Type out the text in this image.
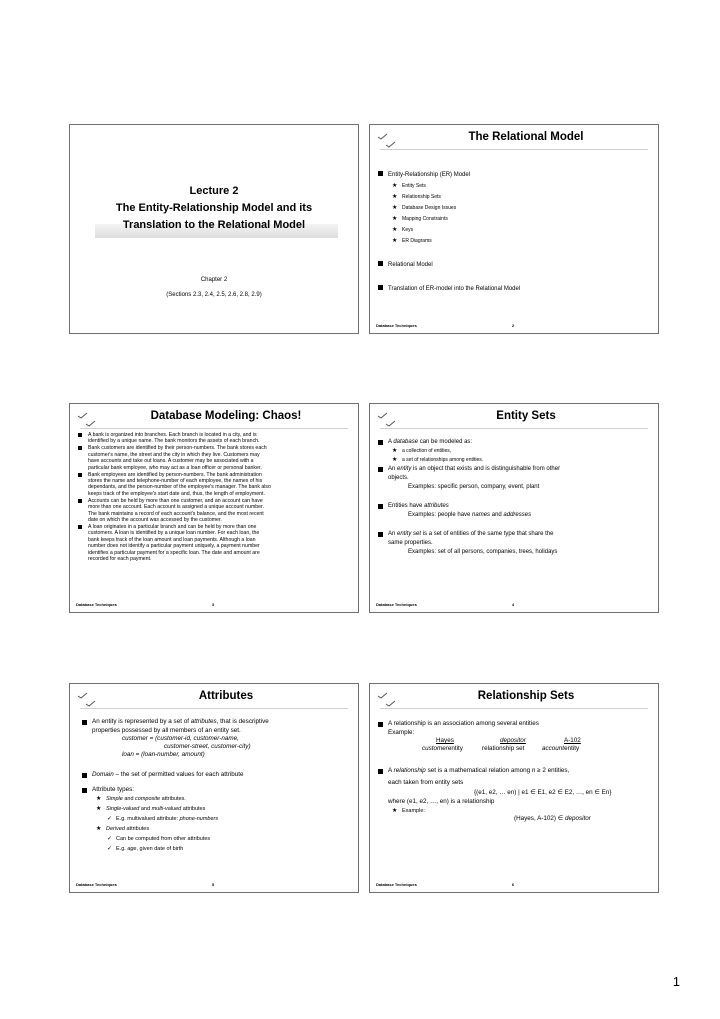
Lecture 2
The Entity-Relationship Model and its
Translation to the Relational Model
Chapter 2
(Sections 2.3, 2.4, 2.5, 2.6, 2.8, 2.9)
The Relational Model
Entity-Relationship (ER) Model
★ Entity Sets
★ Relationship Sets
★ Database Design Issues
★ Mapping Constraints
★ Keys
★ ER Diagrams
Relational Model
Translation of ER-model into the Relational Model
Database Techniques	2
Database Modeling: Chaos!
A bank is organized into branches. Each branch is located in a city, and is
identified by a unique name. The bank monitors the assets of each branch.
Bank customers are identified by their person-numbers. The bank stores each
customer's name, the street and the city in which they live. Customers may
have accounts and take out loans. A customer may be associated with a
particular bank employee, who may act as a loan officer or personal banker.
Bank employees are identified by person-numbers. The bank administration
stores the name and telephone-number of each employee, the names of his
dependants, and the person-number of the employee's manager. The bank also
keeps track of the employee's start date and, thus, the length of employment.
Accounts can be held by more than one customer, and an account can have
more than one account. Each account is assigned a unique account number.
The bank maintains a record of each account's balance, and the most recent
date on which the account was accessed by the customer.
A loan originates in a particular branch and can be held by more than one
customers. A loan is identified by a unique loan number. For each loan, the
bank keeps track of the loan amount and loan payments. Although a loan
number does not identify a particular payment uniquely, a payment number
identifies a particular payment for a specific loan. The date and amount are
recorded for each payment.
Database Techniques	3
Entity Sets
A database can be modeled as:
★ a collection of entities,
★ a set of relationships among entities.
An entity is an object that exists and is distinguishable from other
objects.
Examples: specific person, company, event, plant
Entities have attributes
Examples: people have names and addresses
An entity set is a set of entities of the same type that share the
same properties.
Examples: set of all persons, companies, trees, holidays
Database Techniques	4
Attributes
An entity is represented by a set of attributes, that is descriptive
properties possessed by all members of an entity set.
customer = (customer-id, customer-name,
customer-street, customer-city)
loan = (loan-number, amount)
Domain – the set of permitted values for each attribute
Attribute types:
★ Simple and composite attributes.
★ Single-valued and multi-valued attributes
✓ E.g. multivalued attribute: phone-numbers
★ Derived attributes
✓ Can be computed from other attributes
✓ E.g. age, given date of birth
Database Techniques	5
Relationship Sets
A relationship is an association among several entities
Example:
Hayes	depositor	A-102
customerentity	relationship set	accountentity
A relationship set is a mathematical relation among n ≥ 2 entities,
each taken from entity sets
{(e1, e2, … en) | e1 ∈ E1, e2 ∈ E2, …, en ∈ En}
where (e1, e2, …, en) is a relationship
★ Example:
(Hayes, A-102) ∈ depositor
Database Techniques	6
1
